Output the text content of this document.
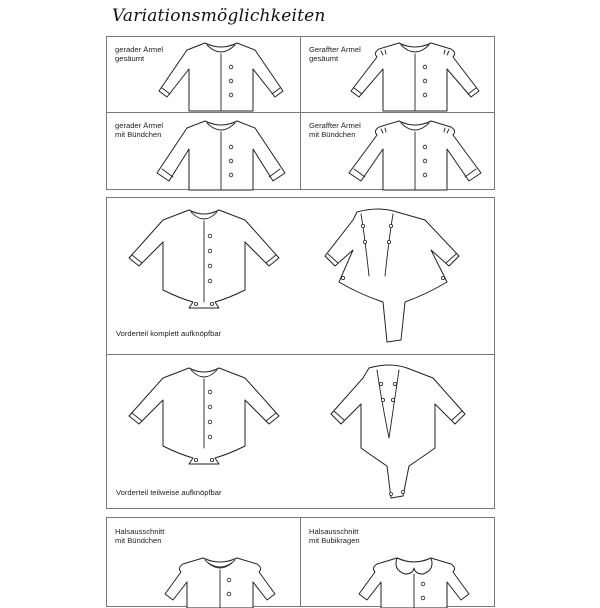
Variationsmöglichkeiten
gerader Ärmel
gesäumt
Geraffter Ärmel
gesäumt
gerader Ärmel
mit Bündchen
Geraffter Ärmel
mit Bündchen
Vorderteil komplett aufknöpfbar
Vorderteil teilweise aufknöpfbar
Halsausschnitt
mit Bündchen
Halsausschnitt
mit Bubikragen
